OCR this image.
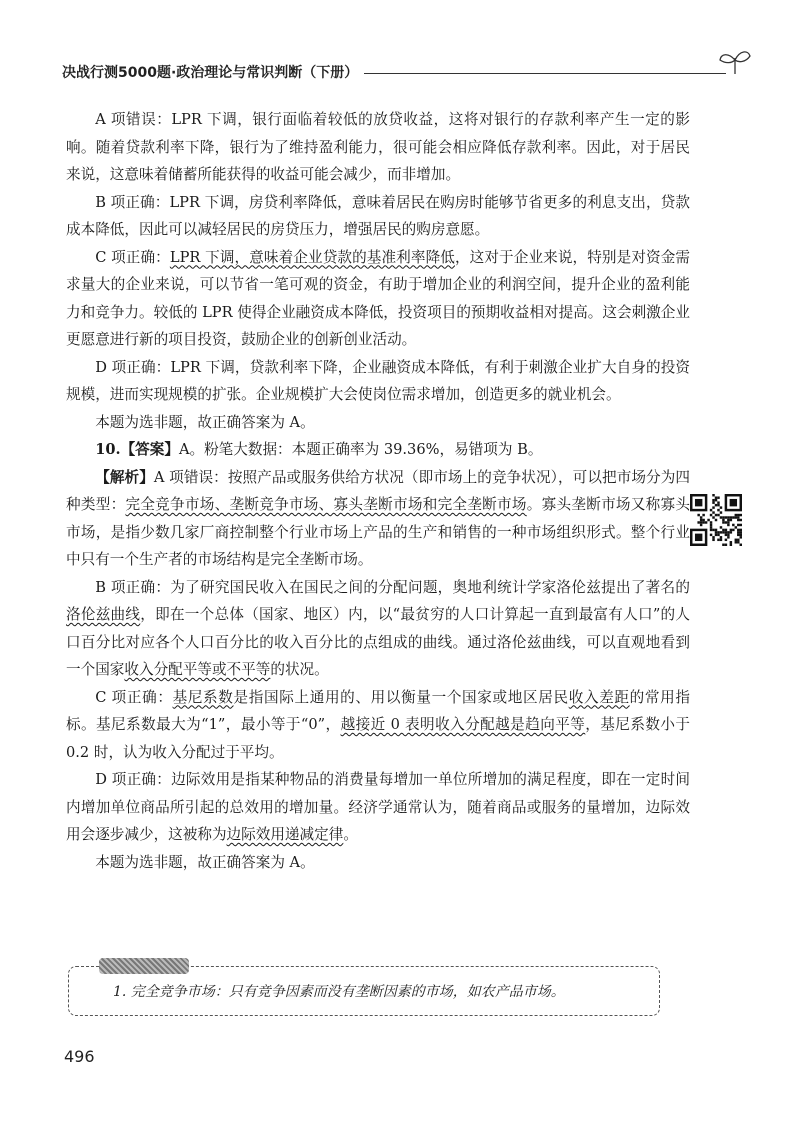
决战行测5000题·政治理论与常识判断（下册）

A 项错误：LPR 下调，银行面临着较低的放贷收益，这将对银行的存款利率产生一定的影响。随着贷款利率下降，银行为了维持盈利能力，很可能会相应降低存款利率。因此，对于居民来说，这意味着储蓄所能获得的收益可能会减少，而非增加。

B 项正确：LPR 下调，房贷利率降低，意味着居民在购房时能够节省更多的利息支出，贷款成本降低，因此可以减轻居民的房贷压力，增强居民的购房意愿。

C 项正确：LPR 下调，意味着企业贷款的基准利率降低，这对于企业来说，特别是对资金需求量大的企业来说，可以节省一笔可观的资金，有助于增加企业的利润空间，提升企业的盈利能力和竞争力。较低的 LPR 使得企业融资成本降低，投资项目的预期收益相对提高。这会刺激企业更愿意进行新的项目投资，鼓励企业的创新创业活动。

D 项正确：LPR 下调，贷款利率下降，企业融资成本降低，有利于刺激企业扩大自身的投资规模，进而实现规模的扩张。企业规模扩大会使岗位需求增加，创造更多的就业机会。

本题为选非题，故正确答案为 A。

10.【答案】A。粉笔大数据：本题正确率为 39.36%，易错项为 B。

【解析】A 项错误：按照产品或服务供给方状况（即市场上的竞争状况），可以把市场分为四种类型：完全竞争市场、垄断竞争市场、寡头垄断市场和完全垄断市场。寡头垄断市场又称寡头市场，是指少数几家厂商控制整个行业市场上产品的生产和销售的一种市场组织形式。整个行业中只有一个生产者的市场结构是完全垄断市场。

B 项正确：为了研究国民收入在国民之间的分配问题，奥地利统计学家洛伦兹提出了著名的洛伦兹曲线，即在一个总体（国家、地区）内，以“最贫穷的人口计算起一直到最富有人口”的人口百分比对应各个人口百分比的收入百分比的点组成的曲线。通过洛伦兹曲线，可以直观地看到一个国家收入分配平等或不平等的状况。

C 项正确：基尼系数是指国际上通用的、用以衡量一个国家或地区居民收入差距的常用指标。基尼系数最大为“1”，最小等于“0”，越接近 0 表明收入分配越是趋向平等，基尼系数小于 0.2 时，认为收入分配过于平均。

D 项正确：边际效用是指某种物品的消费量每增加一单位所增加的满足程度，即在一定时间内增加单位商品所引起的总效用的增加量。经济学通常认为，随着商品或服务的量增加，边际效用会逐步减少，这被称为边际效用递减定律。

本题为选非题，故正确答案为 A。

1. 完全竞争市场：只有竞争因素而没有垄断因素的市场，如农产品市场。
496
